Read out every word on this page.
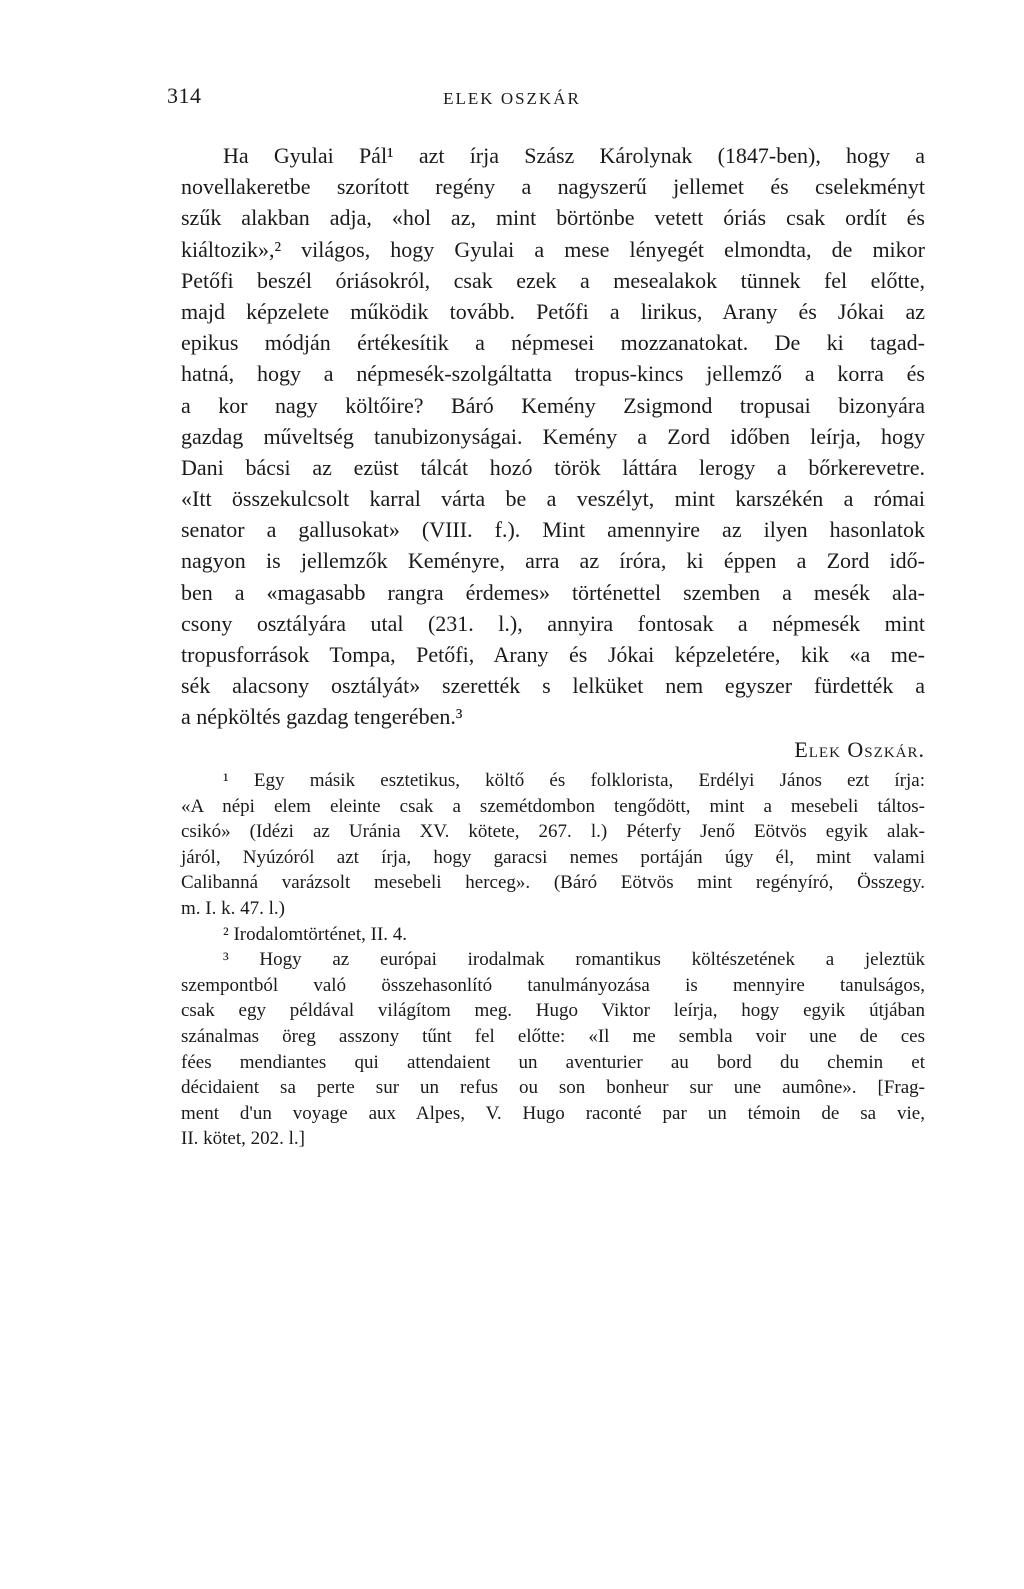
314	ELEK OSZKÁR
Ha Gyulai Pál¹ azt írja Szász Károlynak (1847-ben), hogy a
novellakeretbe szorított regény a nagyszerű jellemet és cselekményt
szűk alakban adja, «hol az, mint börtönbe vetett óriás csak ordít és
kiáltozik»,² világos, hogy Gyulai a mese lényegét elmondta, de mikor
Petőfi beszél óriásokról, csak ezek a mesealakok tünnek fel előtte,
majd képzelete működik tovább. Petőfi a lirikus, Arany és Jókai az
epikus módján értékesítik a népmesei mozzanatokat. De ki tagad-
hatná, hogy a népmesék-szolgáltatta tropus-kincs jellemző a korra és
a kor nagy költőire? Báró Kemény Zsigmond tropusai bizonyára
gazdag műveltség tanubizonyságai. Kemény a Zord időben leírja, hogy
Dani bácsi az ezüst tálcát hozó török láttára lerogy a bőrkerevetre.
«Itt összekulcsolt karral várta be a veszélyt, mint karszékén a római
senator a gallusokat» (VIII. f.). Mint amennyire az ilyen hasonlatok
nagyon is jellemzők Keményre, arra az íróra, ki éppen a Zord idő-
ben a «magasabb rangra érdemes» történettel szemben a mesék ala-
csony osztályára utal (231. l.), annyira fontosak a népmesék mint
tropusforrások Tompa, Petőfi, Arany és Jókai képzeletére, kik «a me-
sék alacsony osztályát» szerették s lelküket nem egyszer fürdették a
a népköltés gazdag tengerében.³
Elek Oszkár.
¹ Egy másik esztetikus, költő és folklorista, Erdélyi János ezt írja:
«A népi elem eleinte csak a szemétdombon tengődött, mint a mesebeli táltos-
csikó» (Idézi az Uránia XV. kötete, 267. l.) Péterfy Jenő Eötvös egyik alak-
járól, Nyúzóról azt írja, hogy garacsi nemes portáján úgy él, mint valami
Calibanná varázsolt mesebeli herceg». (Báró Eötvös mint regényíró, Összegy.
m. I. k. 47. l.)
² Irodalomtörténet, II. 4.
³ Hogy az európai irodalmak romantikus költészetének a jeleztük
szempontból való összehasonlító tanulmányozása is mennyire tanulságos,
csak egy példával világítom meg. Hugo Viktor leírja, hogy egyik útjában
szánalmas öreg asszony tűnt fel előtte: «Il me sembla voir une de ces
fées mendiantes qui attendaient un aventurier au bord du chemin et
décidaient sa perte sur un refus ou son bonheur sur une aumône». [Frag-
ment d'un voyage aux Alpes, V. Hugo raconté par un témoin de sa vie,
II. kötet, 202. l.]
